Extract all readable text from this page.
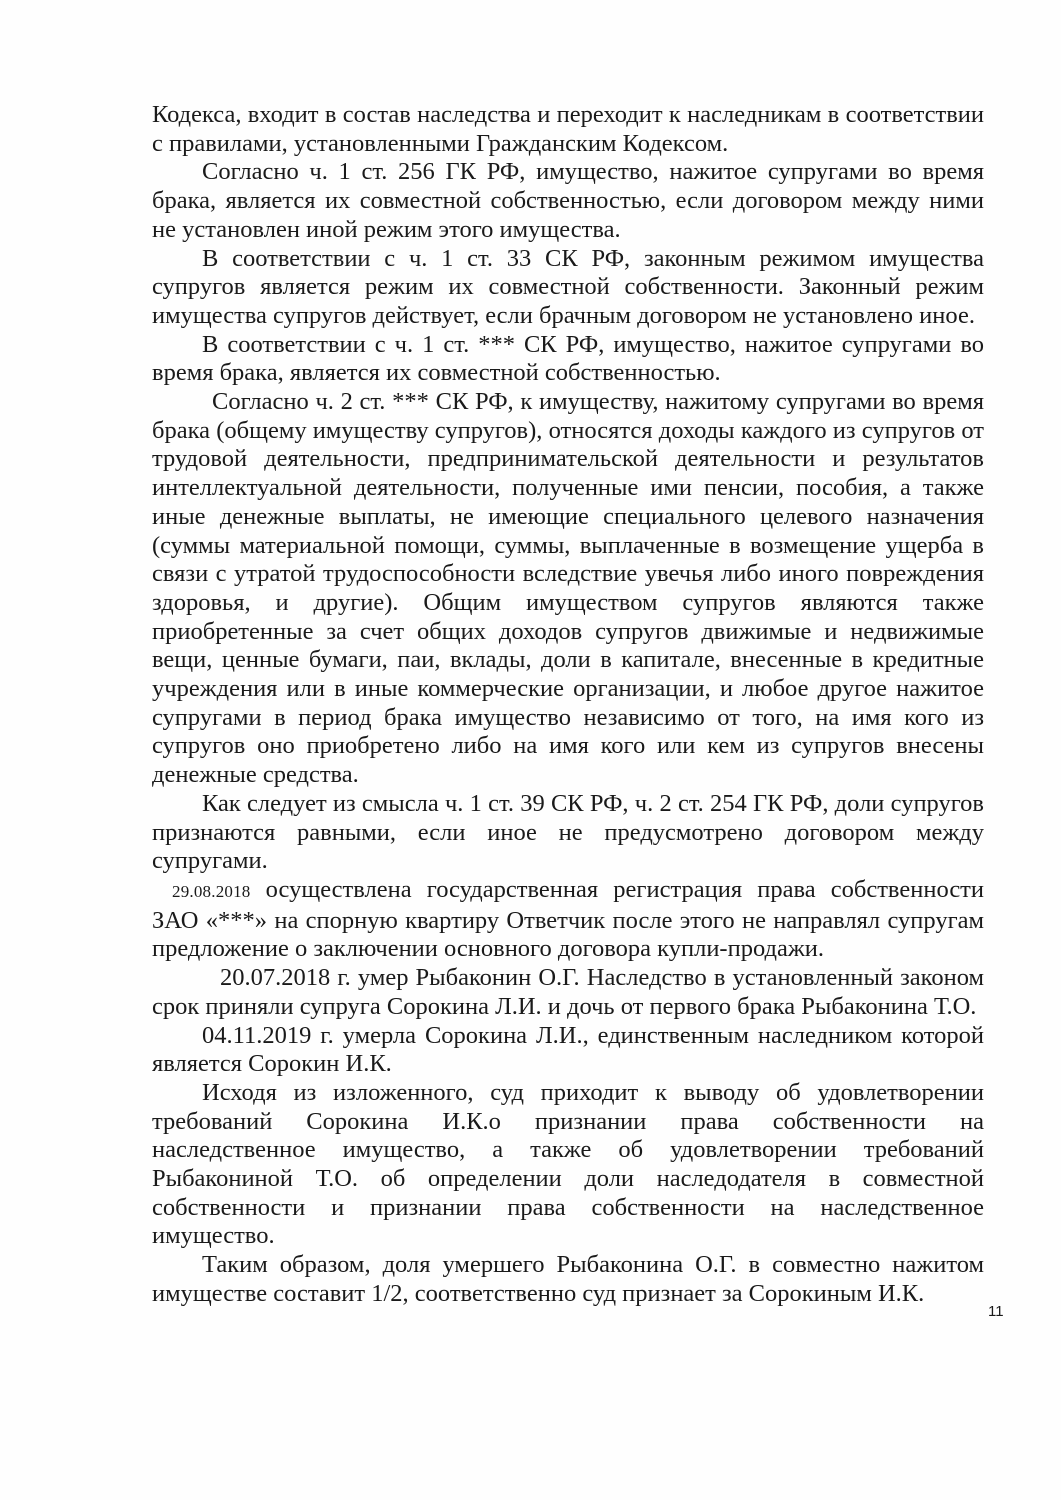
Кодекса, входит в состав наследства и переходит к наследникам в соответствии с правилами, установленными Гражданским Кодексом.

Согласно ч. 1 ст. 256 ГК РФ, имущество, нажитое супругами во время брака, является их совместной собственностью, если договором между ними не установлен иной режим этого имущества.

В соответствии с ч. 1 ст. 33 СК РФ, законным режимом имущества супругов является режим их совместной собственности. Законный режим имущества супругов действует, если брачным договором не установлено иное.

В соответствии с ч. 1 ст. *** СК РФ, имущество, нажитое супругами во время брака, является их совместной собственностью.

Согласно ч. 2 ст. *** СК РФ, к имуществу, нажитому супругами во время брака (общему имуществу супругов), относятся доходы каждого из супругов от трудовой деятельности, предпринимательской деятельности и результатов интеллектуальной деятельности, полученные ими пенсии, пособия, а также иные денежные выплаты, не имеющие специального целевого назначения (суммы материальной помощи, суммы, выплаченные в возмещение ущерба в связи с утратой трудоспособности вследствие увечья либо иного повреждения здоровья, и другие). Общим имуществом супругов являются также приобретенные за счет общих доходов супругов движимые и недвижимые вещи, ценные бумаги, паи, вклады, доли в капитале, внесенные в кредитные учреждения или в иные коммерческие организации, и любое другое нажитое супругами в период брака имущество независимо от того, на имя кого из супругов оно приобретено либо на имя кого или кем из супругов внесены денежные средства.

Как следует из смысла ч. 1 ст. 39 СК РФ, ч. 2 ст. 254 ГК РФ, доли супругов признаются равными, если иное не предусмотрено договором между супругами.

29.08.2018 осуществлена государственная регистрация права собственности ЗАО «***» на спорную квартиру Ответчик после этого не направлял супругам предложение о заключении основного договора купли-продажи.

20.07.2018 г. умер Рыбаконин О.Г. Наследство в установленный законом срок приняли супруга Сорокина Л.И. и дочь от первого брака Рыбаконина Т.О.

04.11.2019 г. умерла Сорокина Л.И., единственным наследником которой является Сорокин И.К.

Исходя из изложенного, суд приходит к выводу об удовлетворении требований Сорокина И.К.о признании права собственности на наследственное имущество, а также об удовлетворении требований Рыбакониной Т.О. об определении доли наследодателя в совместной собственности и признании права собственности на наследственное имущество.

Таким образом, доля умершего Рыбаконина О.Г. в совместно нажитом имуществе составит 1/2, соответственно суд признает за Сорокиным И.К.

11
